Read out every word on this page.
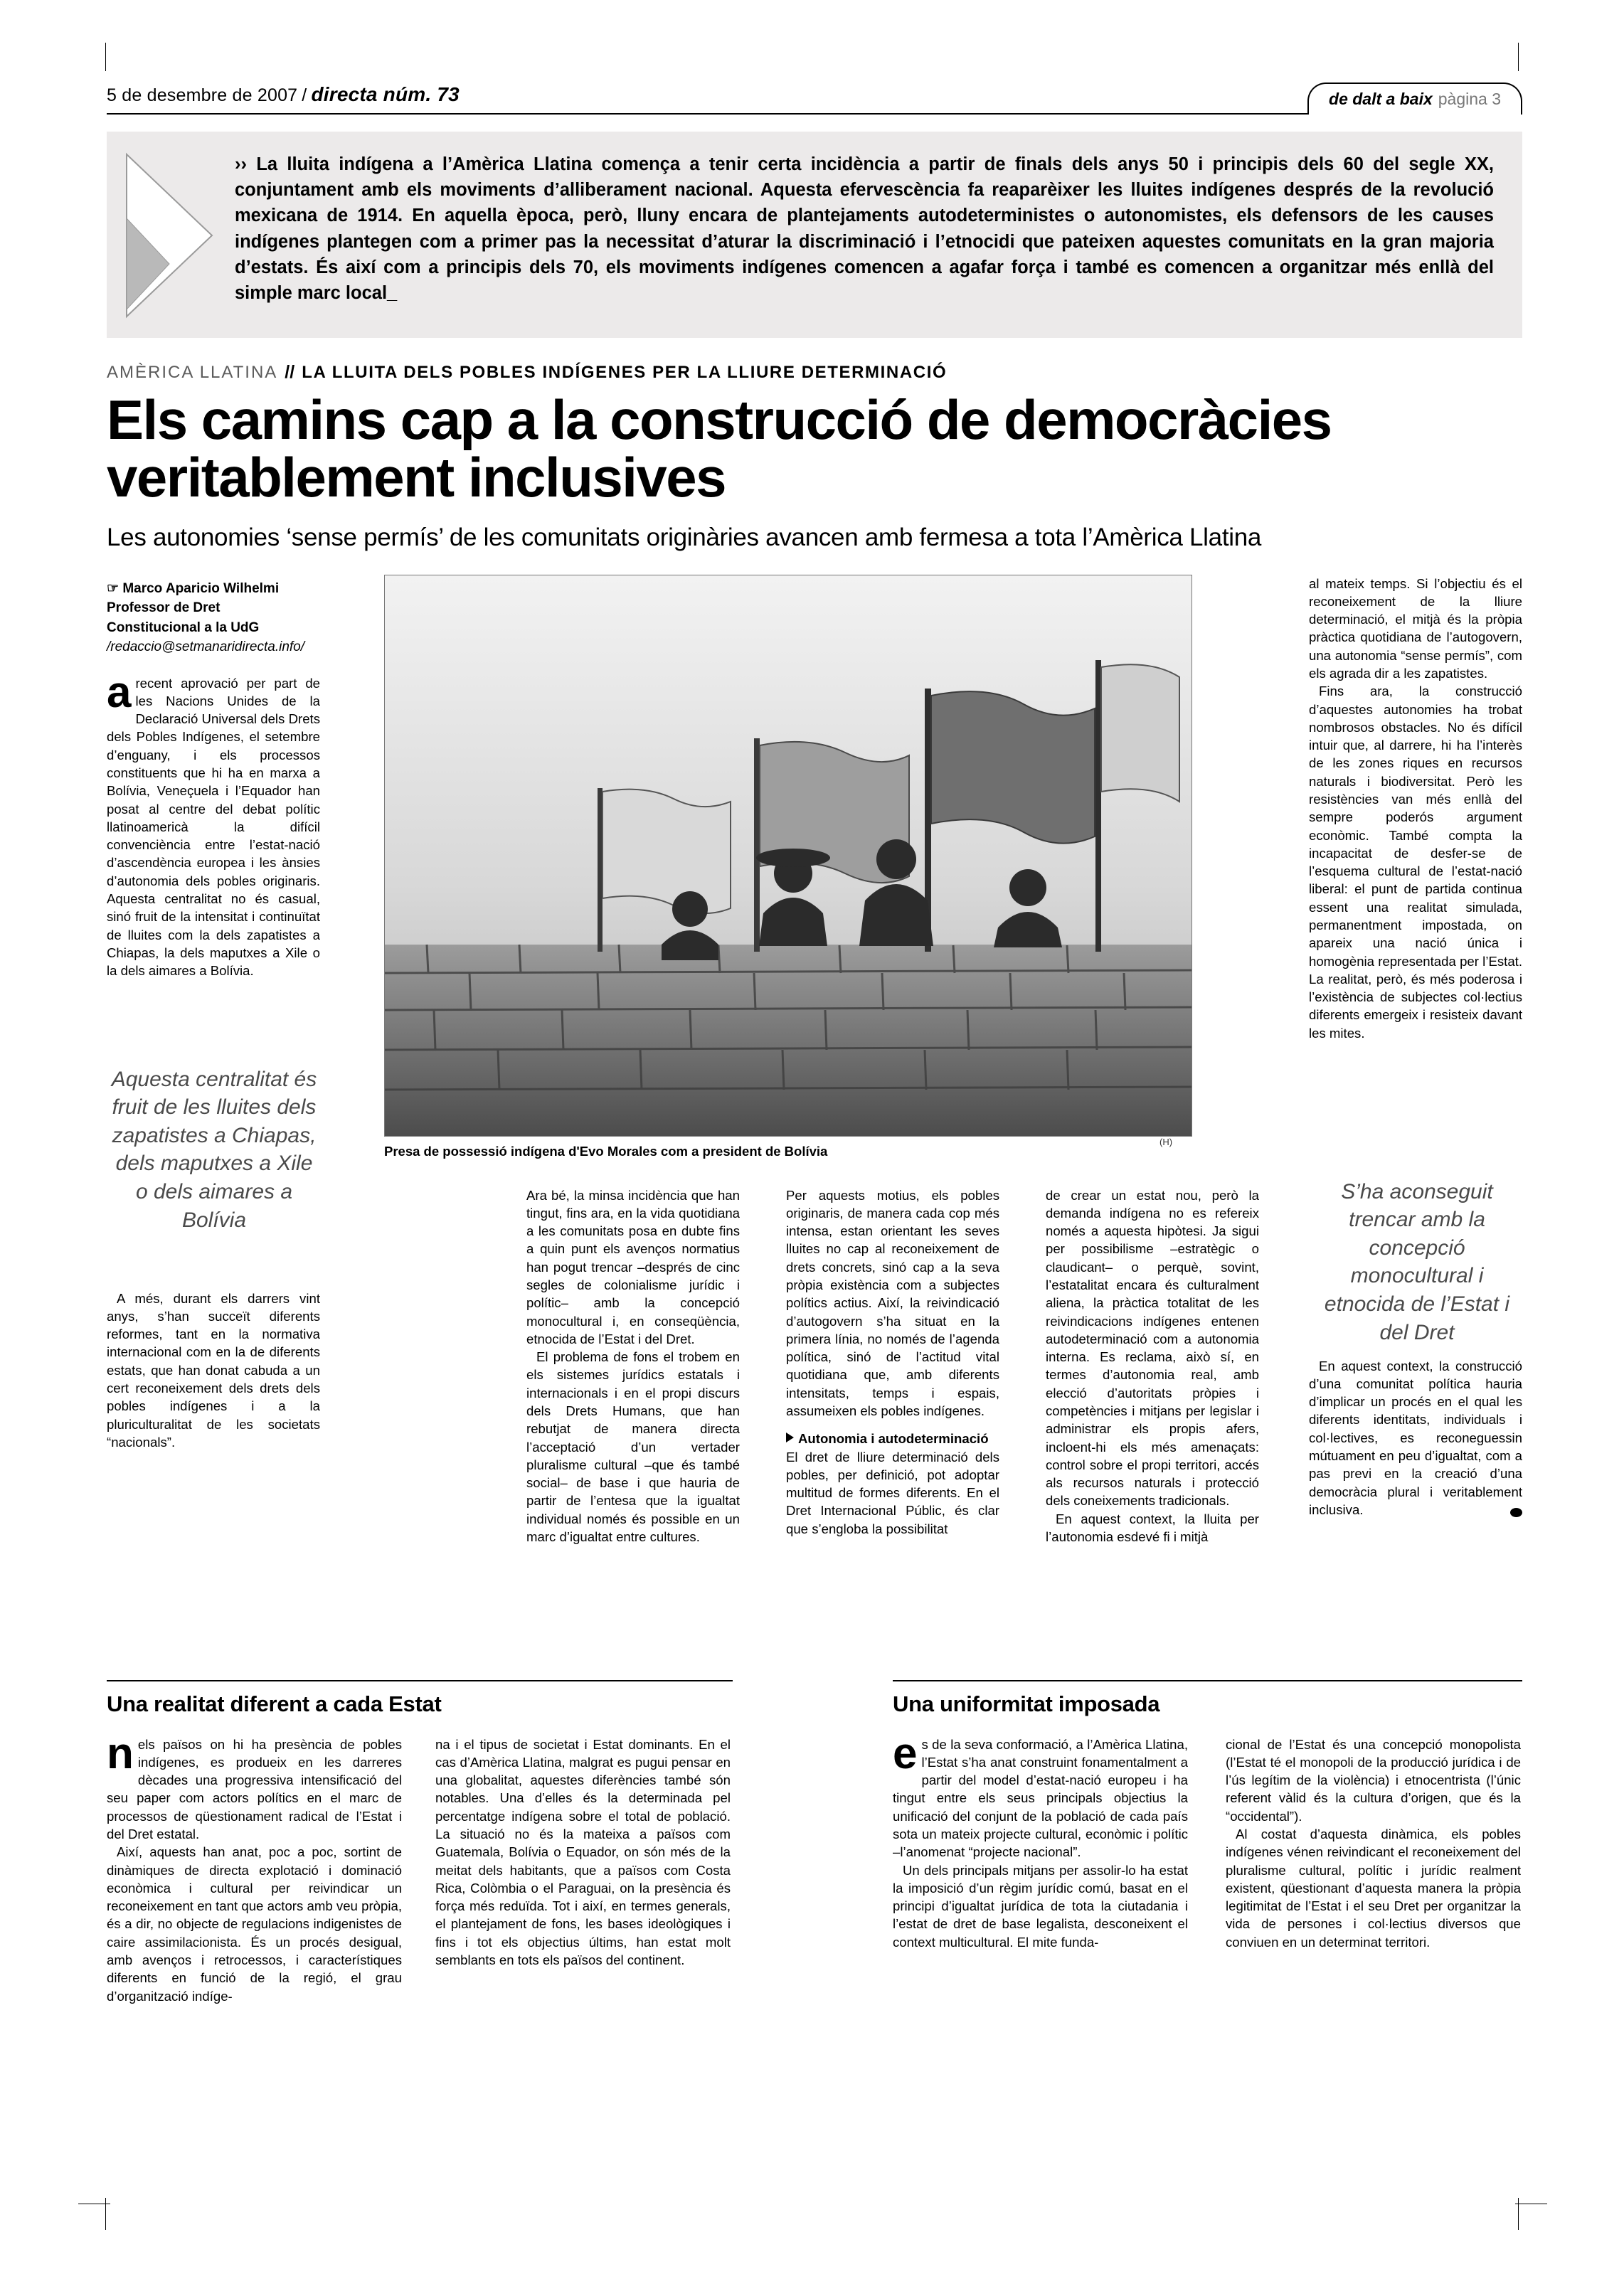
5 de desembre de 2007 / directa núm. 73	de dalt a baix pàgina 3
›› La lluita indígena a l’Amèrica Llatina comença a tenir certa incidència a partir de finals dels anys 50 i principis dels 60 del segle XX, conjuntament amb els moviments d’alliberament nacional. Aquesta efervescència fa reaparèixer les lluites indígenes després de la revolució mexicana de 1914. En aquella època, però, lluny encara de plantejaments autodeterministes o autonomistes, els defensors de les causes indígenes plantegen com a primer pas la necessitat d’aturar la discriminació i l’etnocidi que pateixen aquestes comunitats en la gran majoria d’estats. És així com a principis dels 70, els moviments indígenes comencen a agafar força i també es comencen a organitzar més enllà del simple marc local_
AMÈRICA LLATINA // LA LLUITA DELS POBLES INDÍGENES PER LA LLIURE DETERMINACIÓ
Els camins cap a la construcció de democràcies veritablement inclusives
Les autonomies ‘sense permís’ de les comunitats originàries avancen amb fermesa a tota l’Amèrica Llatina
☞ Marco Aparicio Wilhelmi
Professor de Dret
Constitucional a la UdG
/redaccio@setmanaridirecta.info/

arecent aprovació per part de les Nacions Unides de la Declaració Universal dels Drets dels Pobles Indígenes, el setembre d’enguany, i els processos constituents que hi ha en marxa a Bolívia, Veneçuela i l’Equador han posat al centre del debat polític llatinoamericà la difícil convenciència entre l’estat-nació d’ascendència europea i les ànsies d’autonomia dels pobles originaris. Aquesta centralitat no és casual, sinó fruit de la intensitat i continuïtat de lluites com la dels zapatistes a Chiapas, la dels maputxes a Xile o la dels aimares a Bolívia.

Aquesta centralitat és fruit de les lluites dels zapatistes a Chiapas, dels maputxes a Xile o dels aimares a Bolívia

A més, durant els darrers vint anys, s’han succeït diferents reformes, tant en la normativa internacional com en la de diferents estats, que han donat cabuda a un cert reconeixement dels drets dels pobles indígenes i a la pluriculturalitat de les societats “nacionals”.

Presa de possessió indígena d'Evo Morales com a president de Bolívia
(H)

Ara bé, la minsa incidència que han tingut, fins ara, en la vida quotidiana a les comunitats posa en dubte fins a quin punt els avenços normatius han pogut trencar –després de cinc segles de colonialisme jurídic i polític– amb la concepció monocultural i, en conseqüència, etnocida de l’Estat i del Dret.

El problema de fons el trobem en els sistemes jurídics estatals i internacionals i en el propi discurs dels Drets Humans, que han rebutjat de manera directa l’acceptació d’un vertader pluralisme cultural –que és també social– de base i que hauria de partir de l’entesa que la igualtat individual només és possible en un marc d’igualtat entre cultures.

Per aquests motius, els pobles originaris, de manera cada cop més intensa, estan orientant les seves lluites no cap al reconeixement de drets concrets, sinó cap a la seva pròpia existència com a subjectes polítics actius. Així, la reivindicació d’autogovern s’ha situat en la primera línia, no només de l’agenda política, sinó de l’actitud vital quotidiana que, amb diferents intensitats, temps i espais, assumeixen els pobles indígenes.

Autonomia i autodeterminació

El dret de lliure determinació dels pobles, per definició, pot adoptar multitud de formes diferents. En el Dret Internacional Públic, és clar que s’engloba la possibilitat

de crear un estat nou, però la demanda indígena no es refereix només a aquesta hipòtesi. Ja sigui per possibilisme –estratègic o claudicant– o perquè, sovint, l’estatalitat encara és culturalment aliena, la pràctica totalitat de les reivindicacions indígenes entenen autodeterminació com a autonomia interna. Es reclama, això sí, en termes d’autonomia real, amb elecció d’autoritats pròpies i competències i mitjans per legislar i administrar els propis afers, incloent-hi els més amenaçats: control sobre el propi territori, accés als recursos naturals i protecció dels coneixements tradicionals.

En aquest context, la lluita per l’autonomia esdevé fi i mitjà

al mateix temps. Si l’objectiu és el reconeixement de la lliure determinació, el mitjà és la pròpia pràctica quotidiana de l’autogovern, una autonomia “sense permís”, com els agrada dir a les zapatistes.

Fins ara, la construcció d’aquestes autonomies ha trobat nombrosos obstacles. No és difícil intuir que, al darrere, hi ha l’interès de les zones riques en recursos naturals i biodiversitat. Però les resistències van més enllà del sempre poderós argument econòmic. També compta la incapacitat de desfer-se de l’esquema cultural de l’estat-nació liberal: el punt de partida continua essent una realitat simulada, permanentment impostada, on apareix una nació única i homogènia representada per l’Estat. La realitat, però, és més poderosa i l’existència de subjectes col·lectius diferents emergeix i resisteix davant les mites.

S’ha aconseguit trencar amb la concepció monocultural i etnocida de l’Estat i del Dret

En aquest context, la construcció d’una comunitat política hauria d’implicar un procés en el qual les diferents identitats, individuals i col·lectives, es reconeguessin mútuament en peu d’igualtat, com a pas previ en la creació d’una democràcia plural i veritablement inclusiva.

Una realitat diferent a cada Estat

nels països on hi ha presència de pobles indígenes, es produeix en les darreres dècades una progressiva intensificació del seu paper com actors polítics en el marc de processos de qüestionament radical de l’Estat i del Dret estatal.

Així, aquests han anat, poc a poc, sortint de dinàmiques de directa explotació i dominació econòmica i cultural per reivindicar un reconeixement en tant que actors amb veu pròpia, és a dir, no objecte de regulacions indigenistes de caire assimilacionista. És un procés desigual, amb avenços i retrocessos, i característiques diferents en funció de la regió, el grau d’organització indíge-

na i el tipus de societat i Estat dominants. En el cas d’Amèrica Llatina, malgrat es pugui pensar en una globalitat, aquestes diferències també són notables. Una d’elles és la determinada pel percentatge indígena sobre el total de població. La situació no és la mateixa a països com Guatemala, Bolívia o Equador, on són més de la meitat dels habitants, que a països com Costa Rica, Colòmbia o el Paraguai, on la presència és força més reduïda. Tot i així, en termes generals, el plantejament de fons, les bases ideològiques i fins i tot els objectius últims, han estat molt semblants en tots els països del continent.

Una uniformitat imposada

es de la seva conformació, a l’Amèrica Llatina, l’Estat s’ha anat construint fonamentalment a partir del model d’estat-nació europeu i ha tingut entre els seus principals objectius la unificació del conjunt de la població de cada país sota un mateix projecte cultural, econòmic i polític –l’anomenat “projecte nacional”.

Un dels principals mitjans per assolir-lo ha estat la imposició d’un règim jurídic comú, basat en el principi d’igualtat jurídica de tota la ciutadania i l’estat de dret de base legalista, desconeixent el context multicultural. El mite funda-

cional de l’Estat és una concepció monopolista (l’Estat té el monopoli de la producció jurídica i de l’ús legítim de la violència) i etnocentrista (l’únic referent vàlid és la cultura d’origen, que és la “occidental”).

Al costat d’aquesta dinàmica, els pobles indígenes vénen reivindicant el reconeixement del pluralisme cultural, polític i jurídic realment existent, qüestionant d’aquesta manera la pròpia legitimitat de l’Estat i el seu Dret per organitzar la vida de persones i col·lectius diversos que conviuen en un determinat territori.
